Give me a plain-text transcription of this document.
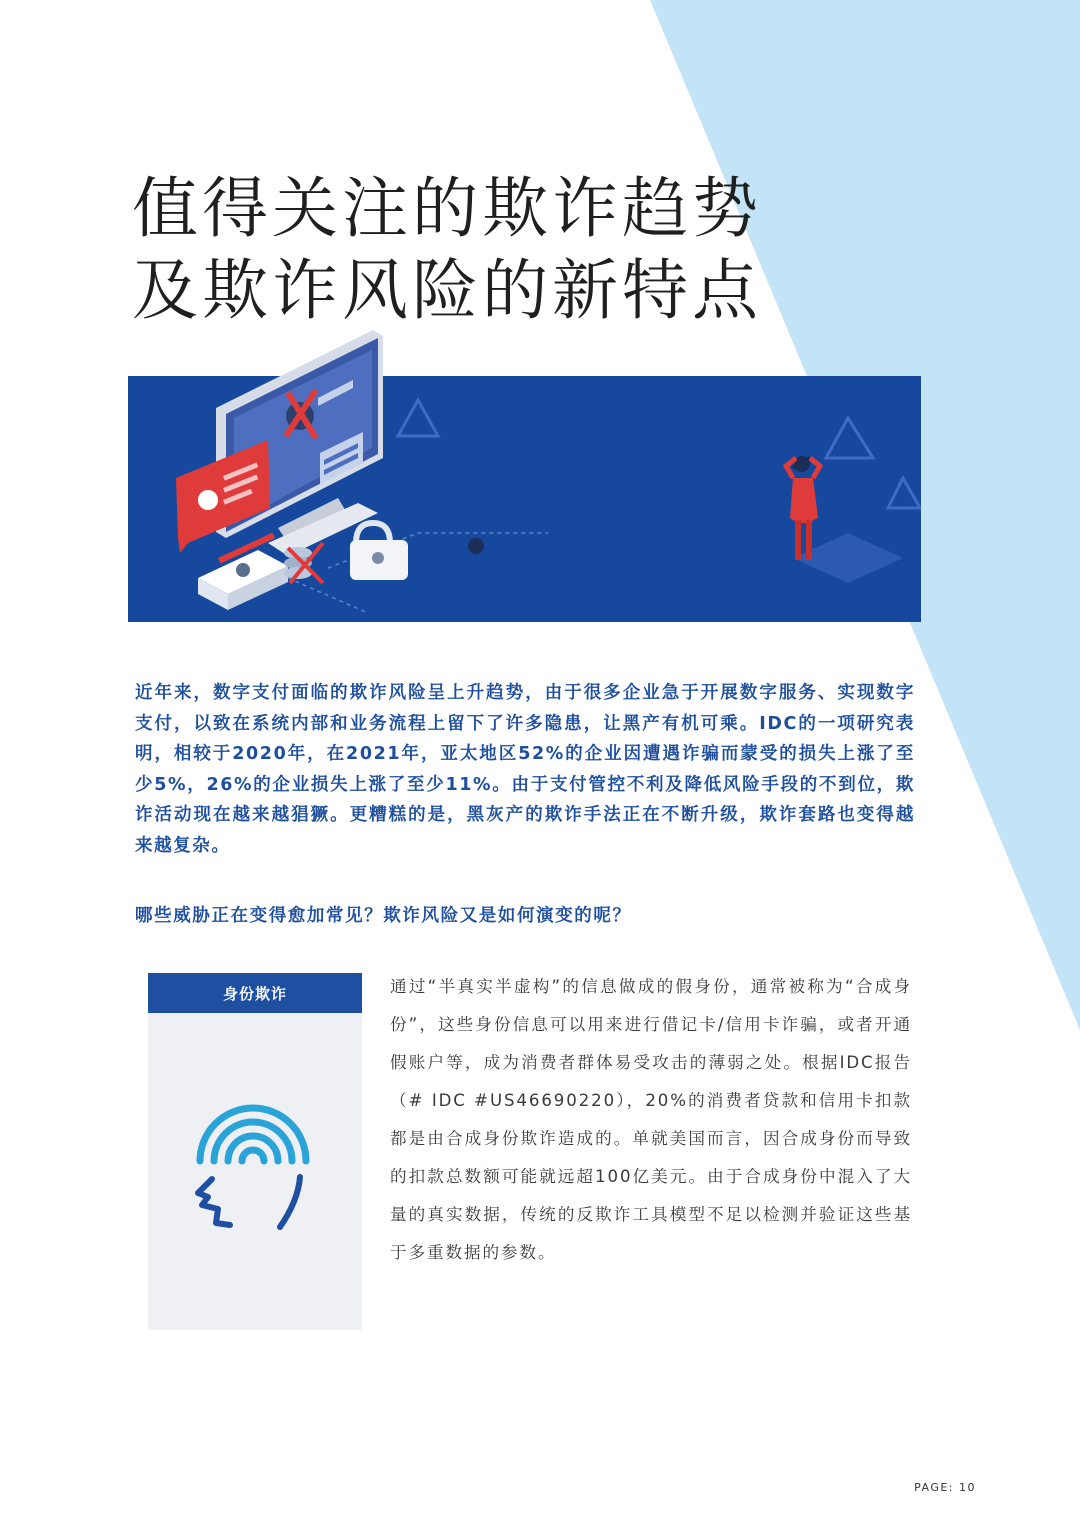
值得关注的欺诈趋势
及欺诈风险的新特点
近年来，数字支付面临的欺诈风险呈上升趋势，由于很多企业急于开展数字服务、实现数字支付，以致在系统内部和业务流程上留下了许多隐患，让黑产有机可乘。IDC的一项研究表明，相较于2020年，在2021年，亚太地区52%的企业因遭遇诈骗而蒙受的损失上涨了至少5%，26%的企业损失上涨了至少11%。由于支付管控不利及降低风险手段的不到位，欺诈活动现在越来越猖獗。更糟糕的是，黑灰产的欺诈手法正在不断升级，欺诈套路也变得越来越复杂。
哪些威胁正在变得愈加常见？欺诈风险又是如何演变的呢？
身份欺诈	通过“半真实半虚构”的信息做成的假身份，通常被称为“合成身份”，这些身份信息可以用来进行借记卡/信用卡诈骗，或者开通假账户等，成为消费者群体易受攻击的薄弱之处。根据IDC报告（# IDC #US46690220），20%的消费者贷款和信用卡扣款都是由合成身份欺诈造成的。单就美国而言，因合成身份而导致的扣款总数额可能就远超100亿美元。由于合成身份中混入了大量的真实数据，传统的反欺诈工具模型不足以检测并验证这些基于多重数据的参数。
PAGE: 10
